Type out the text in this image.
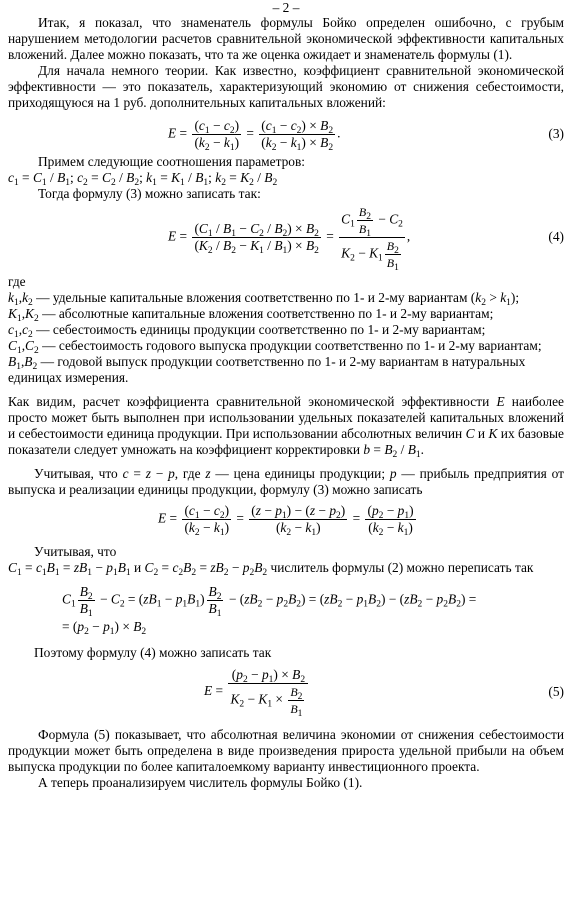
– 2 –

Итак, я показал, что знаменатель формулы Бойко определен ошибочно, с грубым нарушением методологии расчетов сравнительной экономической эффективности капитальных вложений. Далее можно показать, что та же оценка ожидает и знаменатель формулы (1).

Для начала немного теории. Как известно, коэффициент сравнительной экономической эффективности — это показатель, характеризующий экономию от снижения себестоимости, приходящуюся на 1 руб. дополнительных капитальных вложений:

$E = \frac{(c_1 - c_2)}{(k_2 - k_1)} = \frac{(c_1 - c_2) \times B_2}{(k_2 - k_1) \times B_2}$ .	(3)

Примем следующие соотношения параметров:

$c_1 = C_1 / B_1$; $c_2 = C_2 / B_2$; $k_1 = K_1 / B_1$; $k_2 = K_2 / B_2$

Тогда формулу (3) можно записать так:

$E = \frac{(C_1 / B_1 - C_2 / B_2) \times B_2}{(K_2 / B_2 - K_1 / B_1) \times B_2} = \frac{C_1 \frac{B_2}{B_1} - C_2}{K_2 - K_1 \frac{B_2}{B_1}}$ ,	(4)

где

$k_1,k_2$ — удельные капитальные вложения соответственно по 1- и 2-му вариантам $(k_2 > k_1)$;

$K_1,K_2$ — абсолютные капитальные вложения соответственно по 1- и 2-му вариантам;

$c_1,c_2$ — себестоимость единицы продукции соответственно по 1- и 2-му вариантам;

$C_1,C_2$ — себестоимость годового выпуска продукции соответственно по 1- и 2-му вариантам;

$B_1,B_2$ — годовой выпуск продукции соответственно по 1- и 2-му вариантам в натуральных единицах измерения.

Как видим, расчет коэффициента сравнительной экономической эффективности E наиболее просто может быть выполнен при использовании удельных показателей капитальных вложений и себестоимости единица продукции. При использовании абсолютных величин C и K их базовые показатели следует умножать на коэффициент корректировки $b = B_2 / B_1$.

Учитывая, что c = z − p, где z — цена единицы продукции; p — прибыль предприятия от выпуска и реализации единицы продукции, формулу (3) можно записать

$E = \frac{(c_1 - c_2)}{(k_2 - k_1)} = \frac{(z - p_1) - (z - p_2)}{(k_2 - k_1)} = \frac{(p_2 - p_1)}{(k_2 - k_1)}$

Учитывая, что

$C_1 = c_1B_1 = zB_1 - p_1B_1$ и $C_2 = c_2B_2 = zB_2 - p_2B_2$ числитель формулы (2) можно переписать так

$C_1 \frac{B_2}{B_1} - C_2 = (zB_1 - p_1B_1) \frac{B_2}{B_1} - (zB_2 - p_2B_2) = (zB_2 - p_1B_2) - (zB_2 - p_2B_2)$ =
= $(p_2 - p_1) \times B_2$

Поэтому формулу (4) можно записать так

$E = \frac{(p_2 - p_1) \times B_2}{K_2 - K_1 \times \frac{B_2}{B_1}}$	(5)

Формула (5) показывает, что абсолютная величина экономии от снижения себестоимости продукции может быть определена в виде произведения прироста удельной прибыли на объем выпуска продукции по более капиталоемкому варианту инвестиционного проекта.

А теперь проанализируем числитель формулы Бойко (1).
